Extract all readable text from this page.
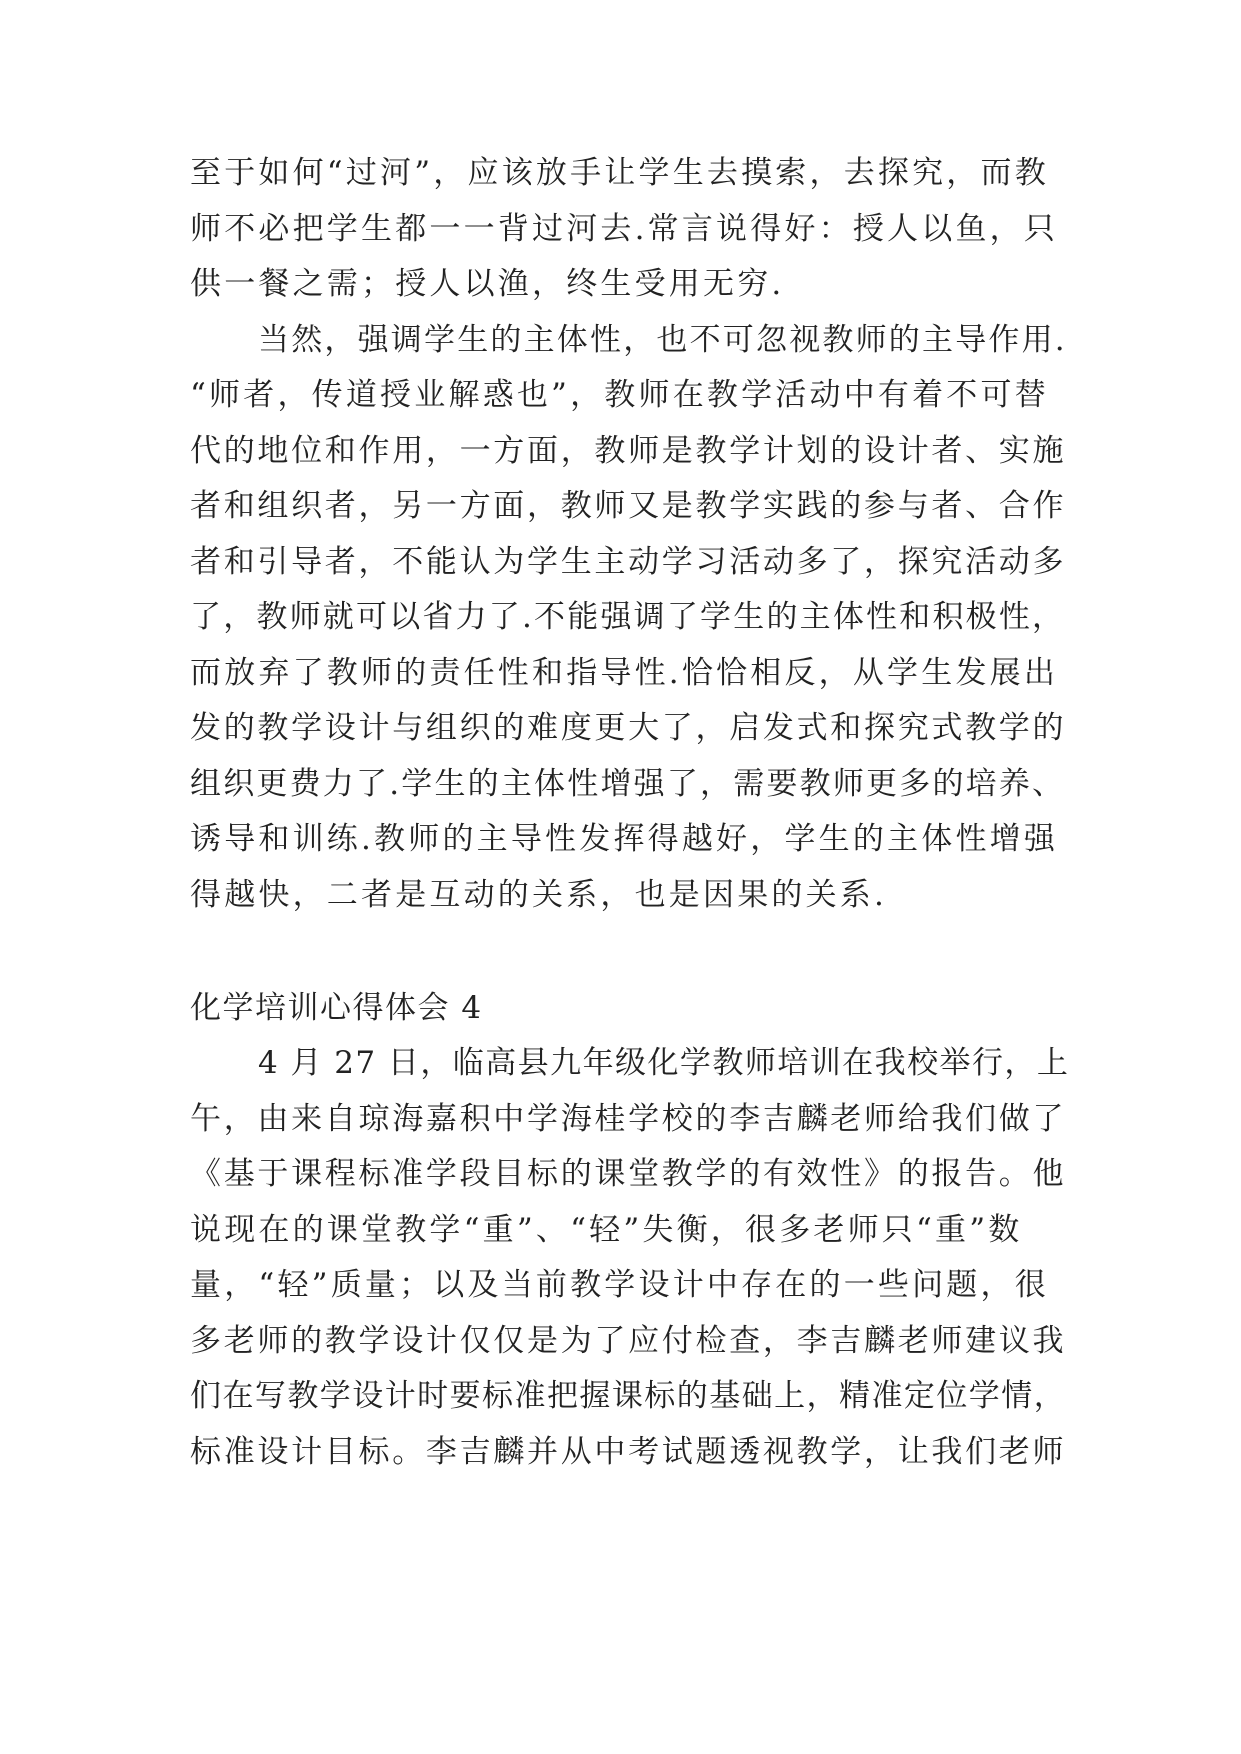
至于如何“过河”，应该放手让学生去摸索，去探究，而教
师不必把学生都一一背过河去.常言说得好：授人以鱼，只
供一餐之需；授人以渔，终生受用无穷.
当然，强调学生的主体性，也不可忽视教师的主导作用.
“师者，传道授业解惑也”，教师在教学活动中有着不可替
代的地位和作用，一方面，教师是教学计划的设计者、实施
者和组织者，另一方面，教师又是教学实践的参与者、合作
者和引导者，不能认为学生主动学习活动多了，探究活动多
了，教师就可以省力了.不能强调了学生的主体性和积极性，
而放弃了教师的责任性和指导性.恰恰相反，从学生发展出
发的教学设计与组织的难度更大了，启发式和探究式教学的
组织更费力了.学生的主体性增强了，需要教师更多的培养、
诱导和训练.教师的主导性发挥得越好，学生的主体性增强
得越快，二者是互动的关系，也是因果的关系.
化学培训心得体会 4
4 月 27 日，临高县九年级化学教师培训在我校举行，上
午，由来自琼海嘉积中学海桂学校的李吉麟老师给我们做了
《基于课程标准学段目标的课堂教学的有效性》的报告。他
说现在的课堂教学“重”、“轻”失衡，很多老师只“重”数
量，“轻”质量；以及当前教学设计中存在的一些问题，很
多老师的教学设计仅仅是为了应付检查，李吉麟老师建议我
们在写教学设计时要标准把握课标的基础上，精准定位学情，
标准设计目标。李吉麟并从中考试题透视教学，让我们老师
